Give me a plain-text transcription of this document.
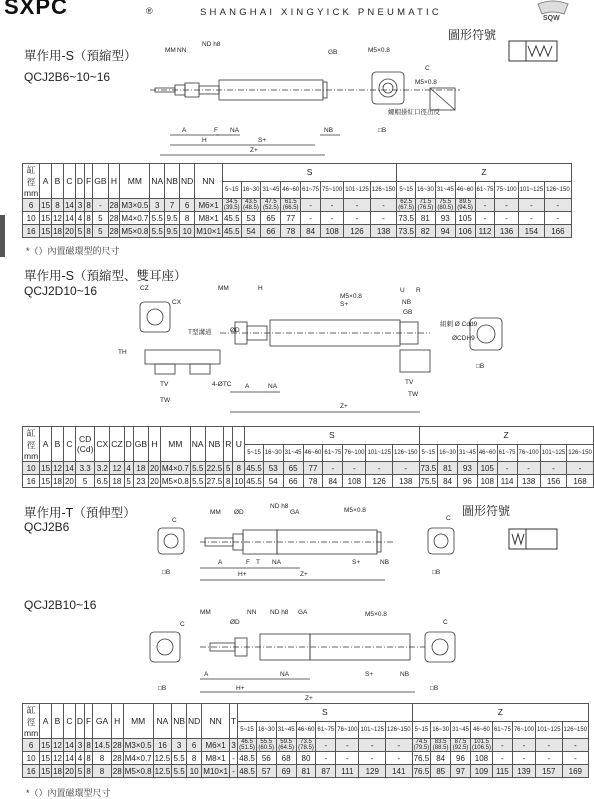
SXPC	®	SHANGHAI XINGYICK PNEUMATIC
SQW
單作用-S（預縮型）
QCJ2B6~10~16
圖形符號
MM NN
ND h8
GB	M5×0.8
C
M5×0.8
A
H
F NA	NB
S+
Z+
□B
螺帽掛紅口徑出反
缸徑 mm	A	B	C	D	F	GB	H	MM	NA	NB	ND	NN	S								Z							
													5~15	16~30	31~45	46~60	61~75	75~100	101~125	126~150	5~15	16~30	31~45	46~60	61~75	75~100	101~125	126~150
6	15	8	14	3	8	-	28	M3×0.5	3	7	6	M6×1	34.5 (39.5)	43.5 (48.5)	47.5 (52.5)	61.5 (66.5)	-	-	-	-	62.5 (67.5)	71.5 (76.5)	75.5 (80.5)	89.5 (94.5)	-	-	-	-
10	15	12	14	4	8	5	28	M4×0.7	5.5	9.5	8	M8×1	45.5	53	65	77	-	-	-	-	73.5	81	93	105	-	-	-	-
16	15	18	20	5	8	5	28	M5×0.8	5.5	9.5	10	M10×1	45.5	54	66	78	84	108	126	138	73.5	82	94	106	112	136	154	166
*（）內置磁環型的尺寸
單作用-S（預縮型、雙耳座）
QCJ2D10~16	CZ
CX
MM	H
S+
U R
M5×0.8
NB
GB
ØCDH9
組刺 Ø Cdd9
T型溝道
TH
ØD
A	NA
TV
TW
4-ØTC
Z+
TV
TW
□B
缸徑 mm	A	B	C	CD (Cd)	CX	CZ	D	GB	H	MM	NA	NB	R	U	S								Z							
															5~15	16~30	31~45	46~60	61~75	76~100	101~125	126~150	5~15	16~30	31~45	46~60	61~75	76~100	101~125	126~150
10	15	12	14	3.3	3.2	12	4	18	20	M4×0.7	5.5	22.5	5	8	45.5	53	65	77	-	-	-	-	73.5	81	93	105	-	-	-	-
16	15	18	20	5	6.5	18	5	23	20	M5×0.8	5.5	27.5	8	10	45.5	54	66	78	84	108	126	138	75.5	84	96	108	114	138	156	168
單作用-T（預伸型）
QCJ2B6
圖形符號
C
MM ØD
ND h8
GA	M5×0.8
C
A	F T NA	S+	NB
H+	Z+
□B	□B
QCJ2B10~16
C
MM	NN
ØD
ND h8 GA	M5×0.8
C
A	NA	S+	NB
□B	H+
Z+
□B
缸徑 mm	A	B	C	D	F	GA	H	MM	NA	NB	ND	NN	T	S								Z							
														5~15	16~30	31~45	46~60	61~75	76~100	101~125	126~150	5~15	16~30	31~45	46~60	61~75	76~100	101~125	126~150
6	15	12	14	3	8	14.5	28	M3×0.5	16	3	6	M6×1	3	46.5 (51.5)	55.5 (60.5)	59.5 (64.5)	73.5 (78.5)	-	-	-	-	74.5 (79.5)	83.5 (88.5)	87.5 (92.5)	101.5 (106.5)	-	-	-	-
10	15	12	14	4	8	8	28	M4×0.7	12.5	5.5	8	M8×1	-	48.5	56	68	80	-	-	-	-	76.5	84	96	108	-	-	-	-
16	15	18	20	5	8	8	28	M5×0.8	12.5	5.5	10	M10×1	-	48.5	57	69	81	87	111	129	141	76.5	85	97	109	115	139	157	169
*（）內置磁環型尺寸
